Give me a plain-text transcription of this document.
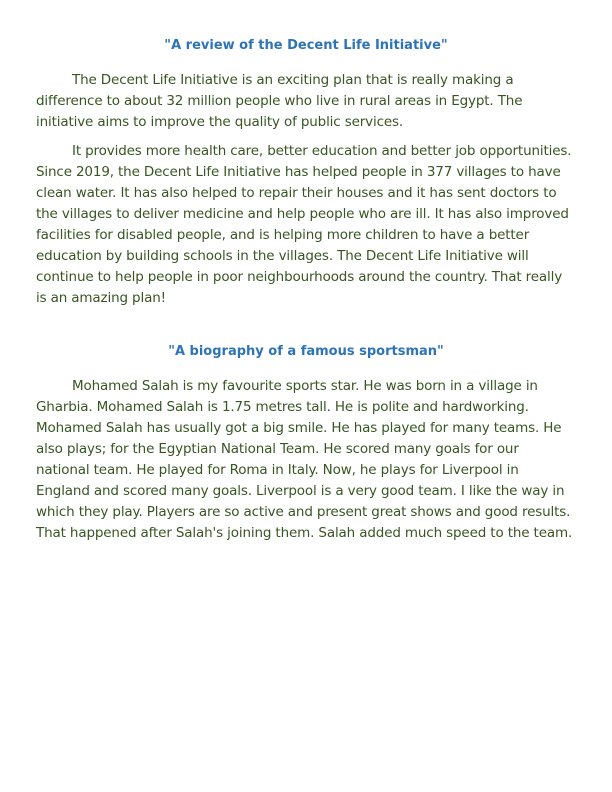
"A review of the Decent Life Initiative"

The Decent Life Initiative is an exciting plan that is really making a difference to about 32 million people who live in rural areas in Egypt. The initiative aims to improve the quality of public services.

It provides more health care, better education and better job opportunities. Since 2019, the Decent Life Initiative has helped people in 377 villages to have clean water. It has also helped to repair their houses and it has sent doctors to the villages to deliver medicine and help people who are ill. It has also improved facilities for disabled people, and is helping more children to have a better education by building schools in the villages. The Decent Life Initiative will continue to help people in poor neighbourhoods around the country. That really is an amazing plan!

"A biography of a famous sportsman"

Mohamed Salah is my favourite sports star. He was born in a village in Gharbia. Mohamed Salah is 1.75 metres tall. He is polite and hardworking. Mohamed Salah has usually got a big smile. He has played for many teams. He also plays; for the Egyptian National Team. He scored many goals for our national team. He played for Roma in Italy. Now, he plays for Liverpool in England and scored many goals. Liverpool is a very good team. I like the way in which they play. Players are so active and present great shows and good results. That happened after Salah's joining them. Salah added much speed to the team.
